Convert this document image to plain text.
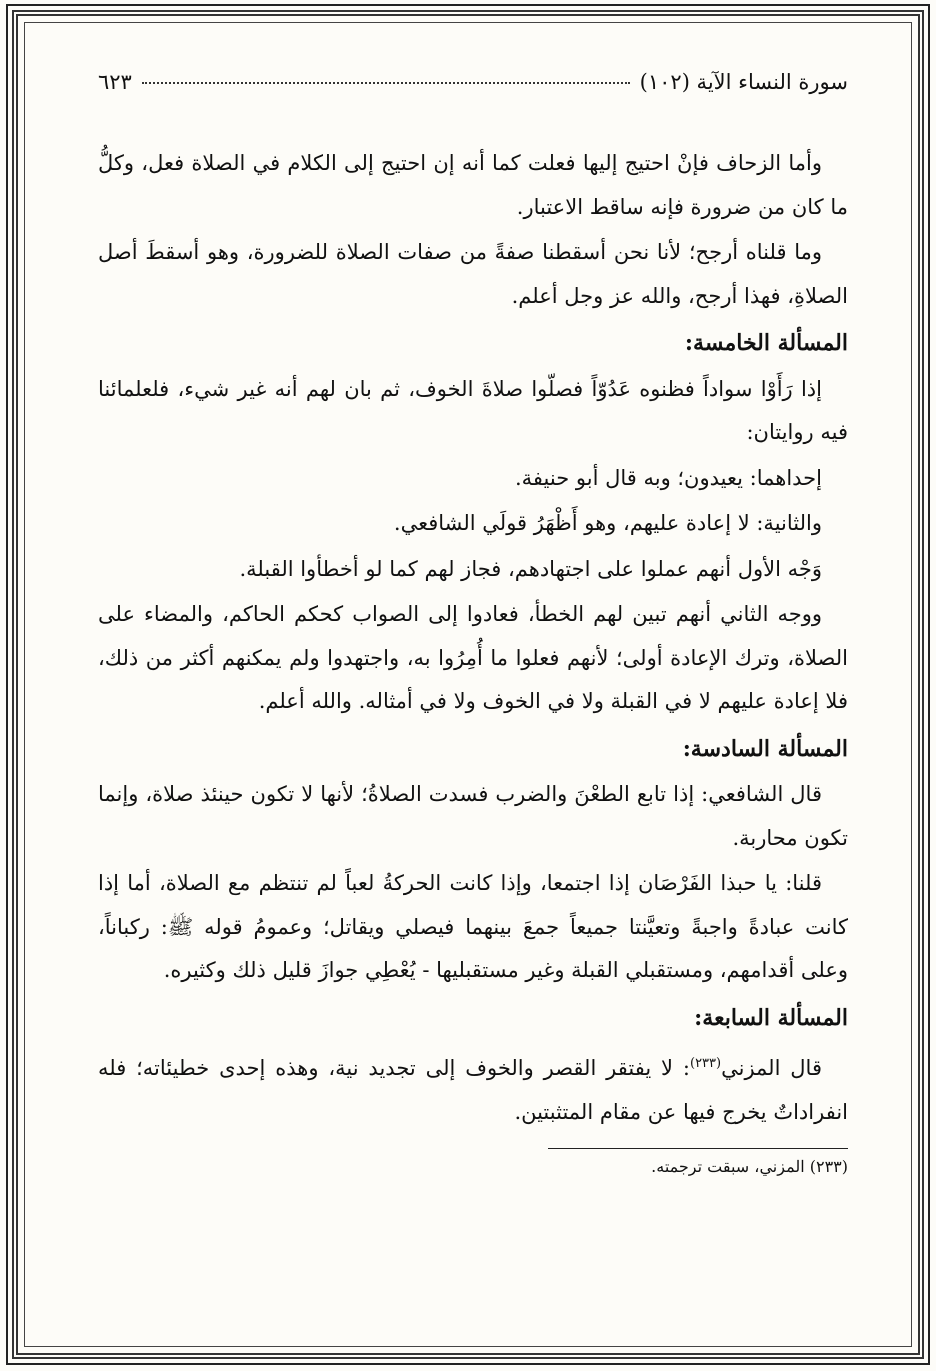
سورة النساء الآية (١٠٢)
٦٢٣

وأما الزحاف فإنْ احتيج إليها فعلت كما أنه إن احتيج إلى الكلام في الصلاة فعل، وكلُّ ما كان من ضرورة فإنه ساقط الاعتبار.

وما قلناه أرجح؛ لأنا نحن أسقطنا صفةً من صفات الصلاة للضرورة، وهو أسقطَ أصل الصلاةِ، فهذا أرجح، والله عز وجل أعلم.

المسألة الخامسة:

إذا رَأَوْا سواداً فظنوه عَدُوّاً فصلّوا صلاةَ الخوف، ثم بان لهم أنه غير شيء، فلعلمائنا فيه روايتان:

إحداهما: يعيدون؛ وبه قال أبو حنيفة.

والثانية: لا إعادة عليهم، وهو أَظْهَرُ قولَي الشافعي.

وَجْه الأول أنهم عملوا على اجتهادهم، فجاز لهم كما لو أخطأوا القبلة.

ووجه الثاني أنهم تبين لهم الخطأ، فعادوا إلى الصواب كحكم الحاكم، والمضاء على الصلاة، وترك الإعادة أولى؛ لأنهم فعلوا ما أُمِرُوا به، واجتهدوا ولم يمكنهم أكثر من ذلك، فلا إعادة عليهم لا في القبلة ولا في الخوف ولا في أمثاله. والله أعلم.

المسألة السادسة:

قال الشافعي: إذا تابع الطعْنَ والضرب فسدت الصلاةُ؛ لأنها لا تكون حينئذ صلاة، وإنما تكون محاربة.

قلنا: يا حبذا الفَرْصَان إذا اجتمعا، وإذا كانت الحركةُ لعباً لم تنتظم مع الصلاة، أما إذا كانت عبادةً واجبةً وتعيَّنتا جميعاً جمعَ بينهما فيصلي ويقاتل؛ وعمومُ قوله ﷺ: ركباناً، وعلى أقدامهم، ومستقبلي القبلة وغير مستقبليها - يُعْطِي جوازَ قليل ذلك وكثيره.

المسألة السابعة:

قال المزني$^{(٢٣٣)}$: لا يفتقر القصر والخوف إلى تجديد نية، وهذه إحدى خطيئاته؛ فله انفراداتٌ يخرج فيها عن مقام المتثبتين.

(٢٣٣) المزني، سبقت ترجمته.
